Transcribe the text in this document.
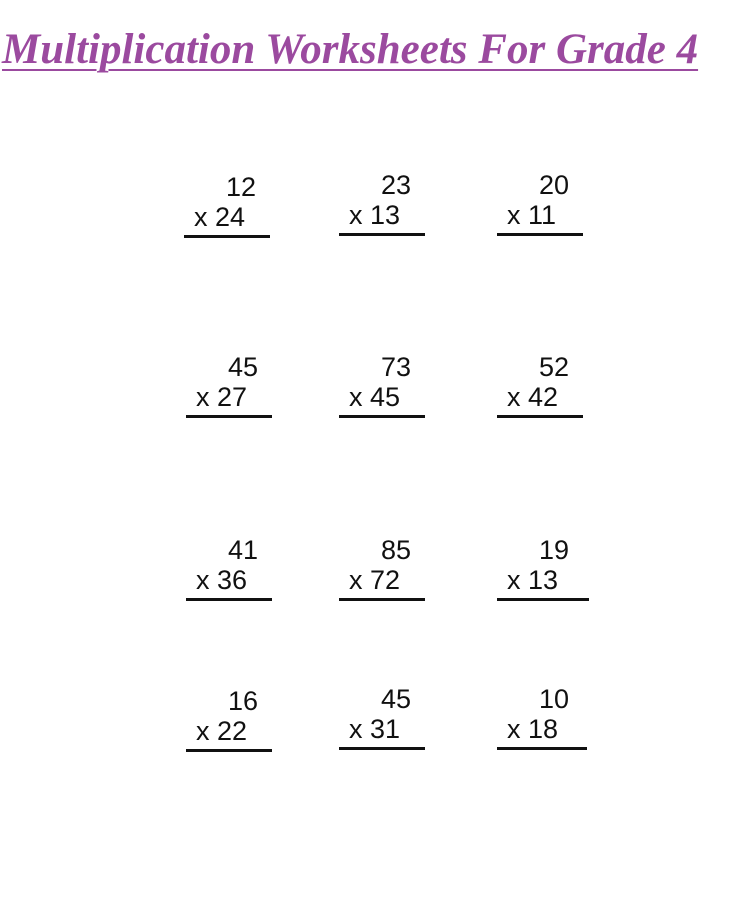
Multiplication Worksheets For Grade 4
12
x 24
23
x 13
20
x 11
45
x 27
73
x 45
52
x 42
41
x 36
85
x 72
19
x 13
16
x 22
45
x 31
10
x 18
